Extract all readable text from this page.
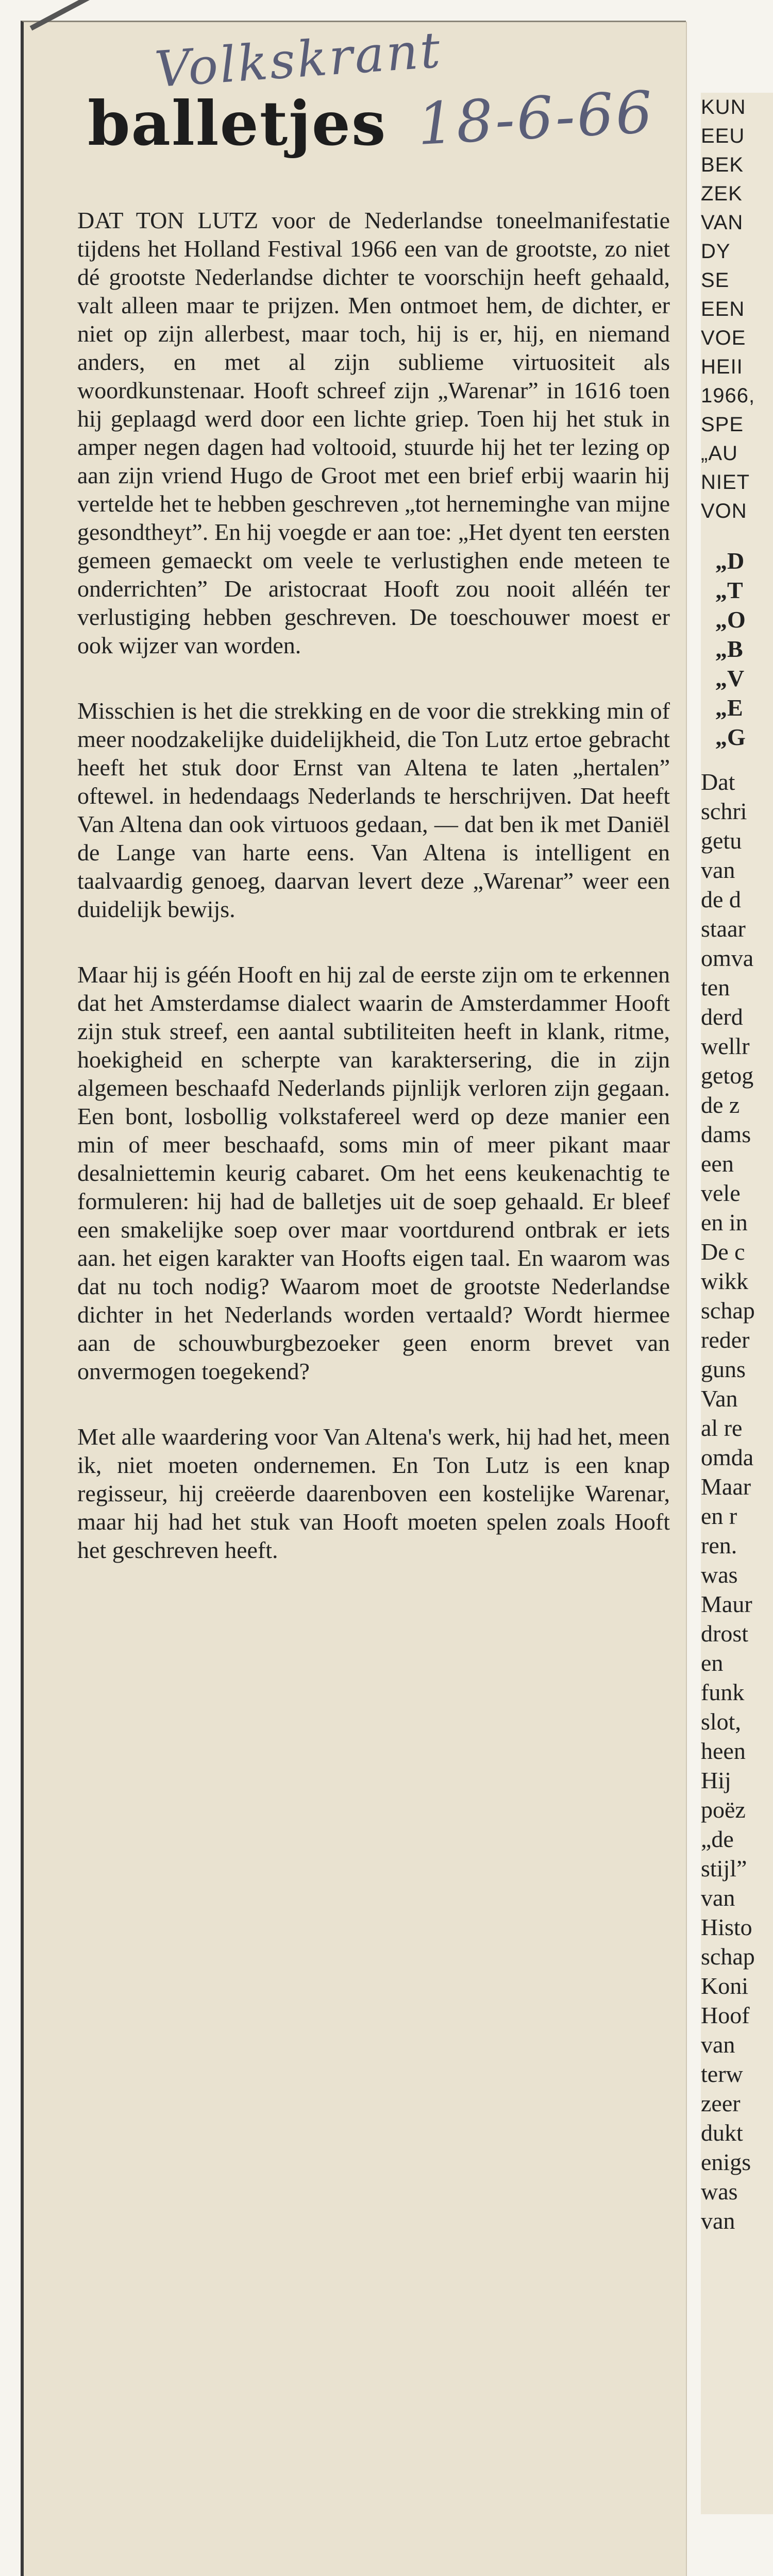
Volkskrant
18-6-66
balletjes

DAT TON LUTZ voor de Nederlandse toneelmanifestatie tijdens het Holland Festival 1966 een van de grootste, zo niet dé grootste Nederlandse dichter te voorschijn heeft gehaald, valt alleen maar te prijzen. Men ontmoet hem, de dichter, er niet op zijn allerbest, maar toch, hij is er, hij, en niemand anders, en met al zijn sublieme virtuositeit als woordkunstenaar. Hooft schreef zijn „Warenar” in 1616 toen hij geplaagd werd door een lichte griep. Toen hij het stuk in amper negen dagen had voltooid, stuurde hij het ter lezing op aan zijn vriend Hugo de Groot met een brief erbij waarin hij vertelde het te hebben geschreven „tot herneminghe van mijne gesondtheyt”. En hij voegde er aan toe: „Het dyent ten eersten gemeen gemaeckt om veele te verlustighen ende meteen te onderrichten” De aristocraat Hooft zou nooit alléén ter verlustiging hebben geschreven. De toeschouwer moest er ook wijzer van worden.

Misschien is het die strekking en de voor die strekking min of meer noodzakelijke duidelijkheid, die Ton Lutz ertoe gebracht heeft het stuk door Ernst van Altena te laten „hertalen” oftewel. in hedendaags Nederlands te herschrijven. Dat heeft Van Altena dan ook virtuoos gedaan, — dat ben ik met Daniël de Lange van harte eens. Van Altena is intelligent en taalvaardig genoeg, daarvan levert deze „Warenar” weer een duidelijk bewijs.

Maar hij is géén Hooft en hij zal de eerste zijn om te erkennen dat het Amsterdamse dialect waarin de Amsterdammer Hooft zijn stuk streef, een aantal subtiliteiten heeft in klank, ritme, hoekigheid en scherpte van karaktersering, die in zijn algemeen beschaafd Nederlands pijnlijk verloren zijn gegaan. Een bont, losbollig volkstafereel werd op deze manier een min of meer beschaafd, soms min of meer pikant maar desalniettemin keurig cabaret. Om het eens keukenachtig te formuleren: hij had de balletjes uit de soep gehaald. Er bleef een smakelijke soep over maar voortdurend ontbrak er iets aan. het eigen karakter van Hoofts eigen taal. En waarom was dat nu toch nodig? Waarom moet de grootste Nederlandse dichter in het Nederlands worden vertaald? Wordt hiermee aan de schouwburgbezoeker geen enorm brevet van onvermogen toegekend?

Met alle waardering voor Van Altena's werk, hij had het, meen ik, niet moeten ondernemen. En Ton Lutz is een knap regisseur, hij creëerde daarenboven een kostelijke Warenar, maar hij had het stuk van Hooft moeten spelen zoals Hooft het geschreven heeft.

KUN
EEU
BEK
ZEK
VAN
DY
SE
EEN
VOE
HEII
1966,
SPE
„AU
NIET
VON
„D
„T
„O
„B
„V
„E
„G
Dat
schri
getu
van
de d
staar
omva
ten
derd
wellr
getog
de z
dams
een
vele
en in
De c
wikk
schap
reder
guns
Van
al re
omda
Maar
en r
ren.
was
Maur
drost
en
funk
slot,
heen
Hij
poëz
„de
stijl”
van
Histo
schap
Koni
Hoof
van
terw
zeer
dukt
enigs
was
van
